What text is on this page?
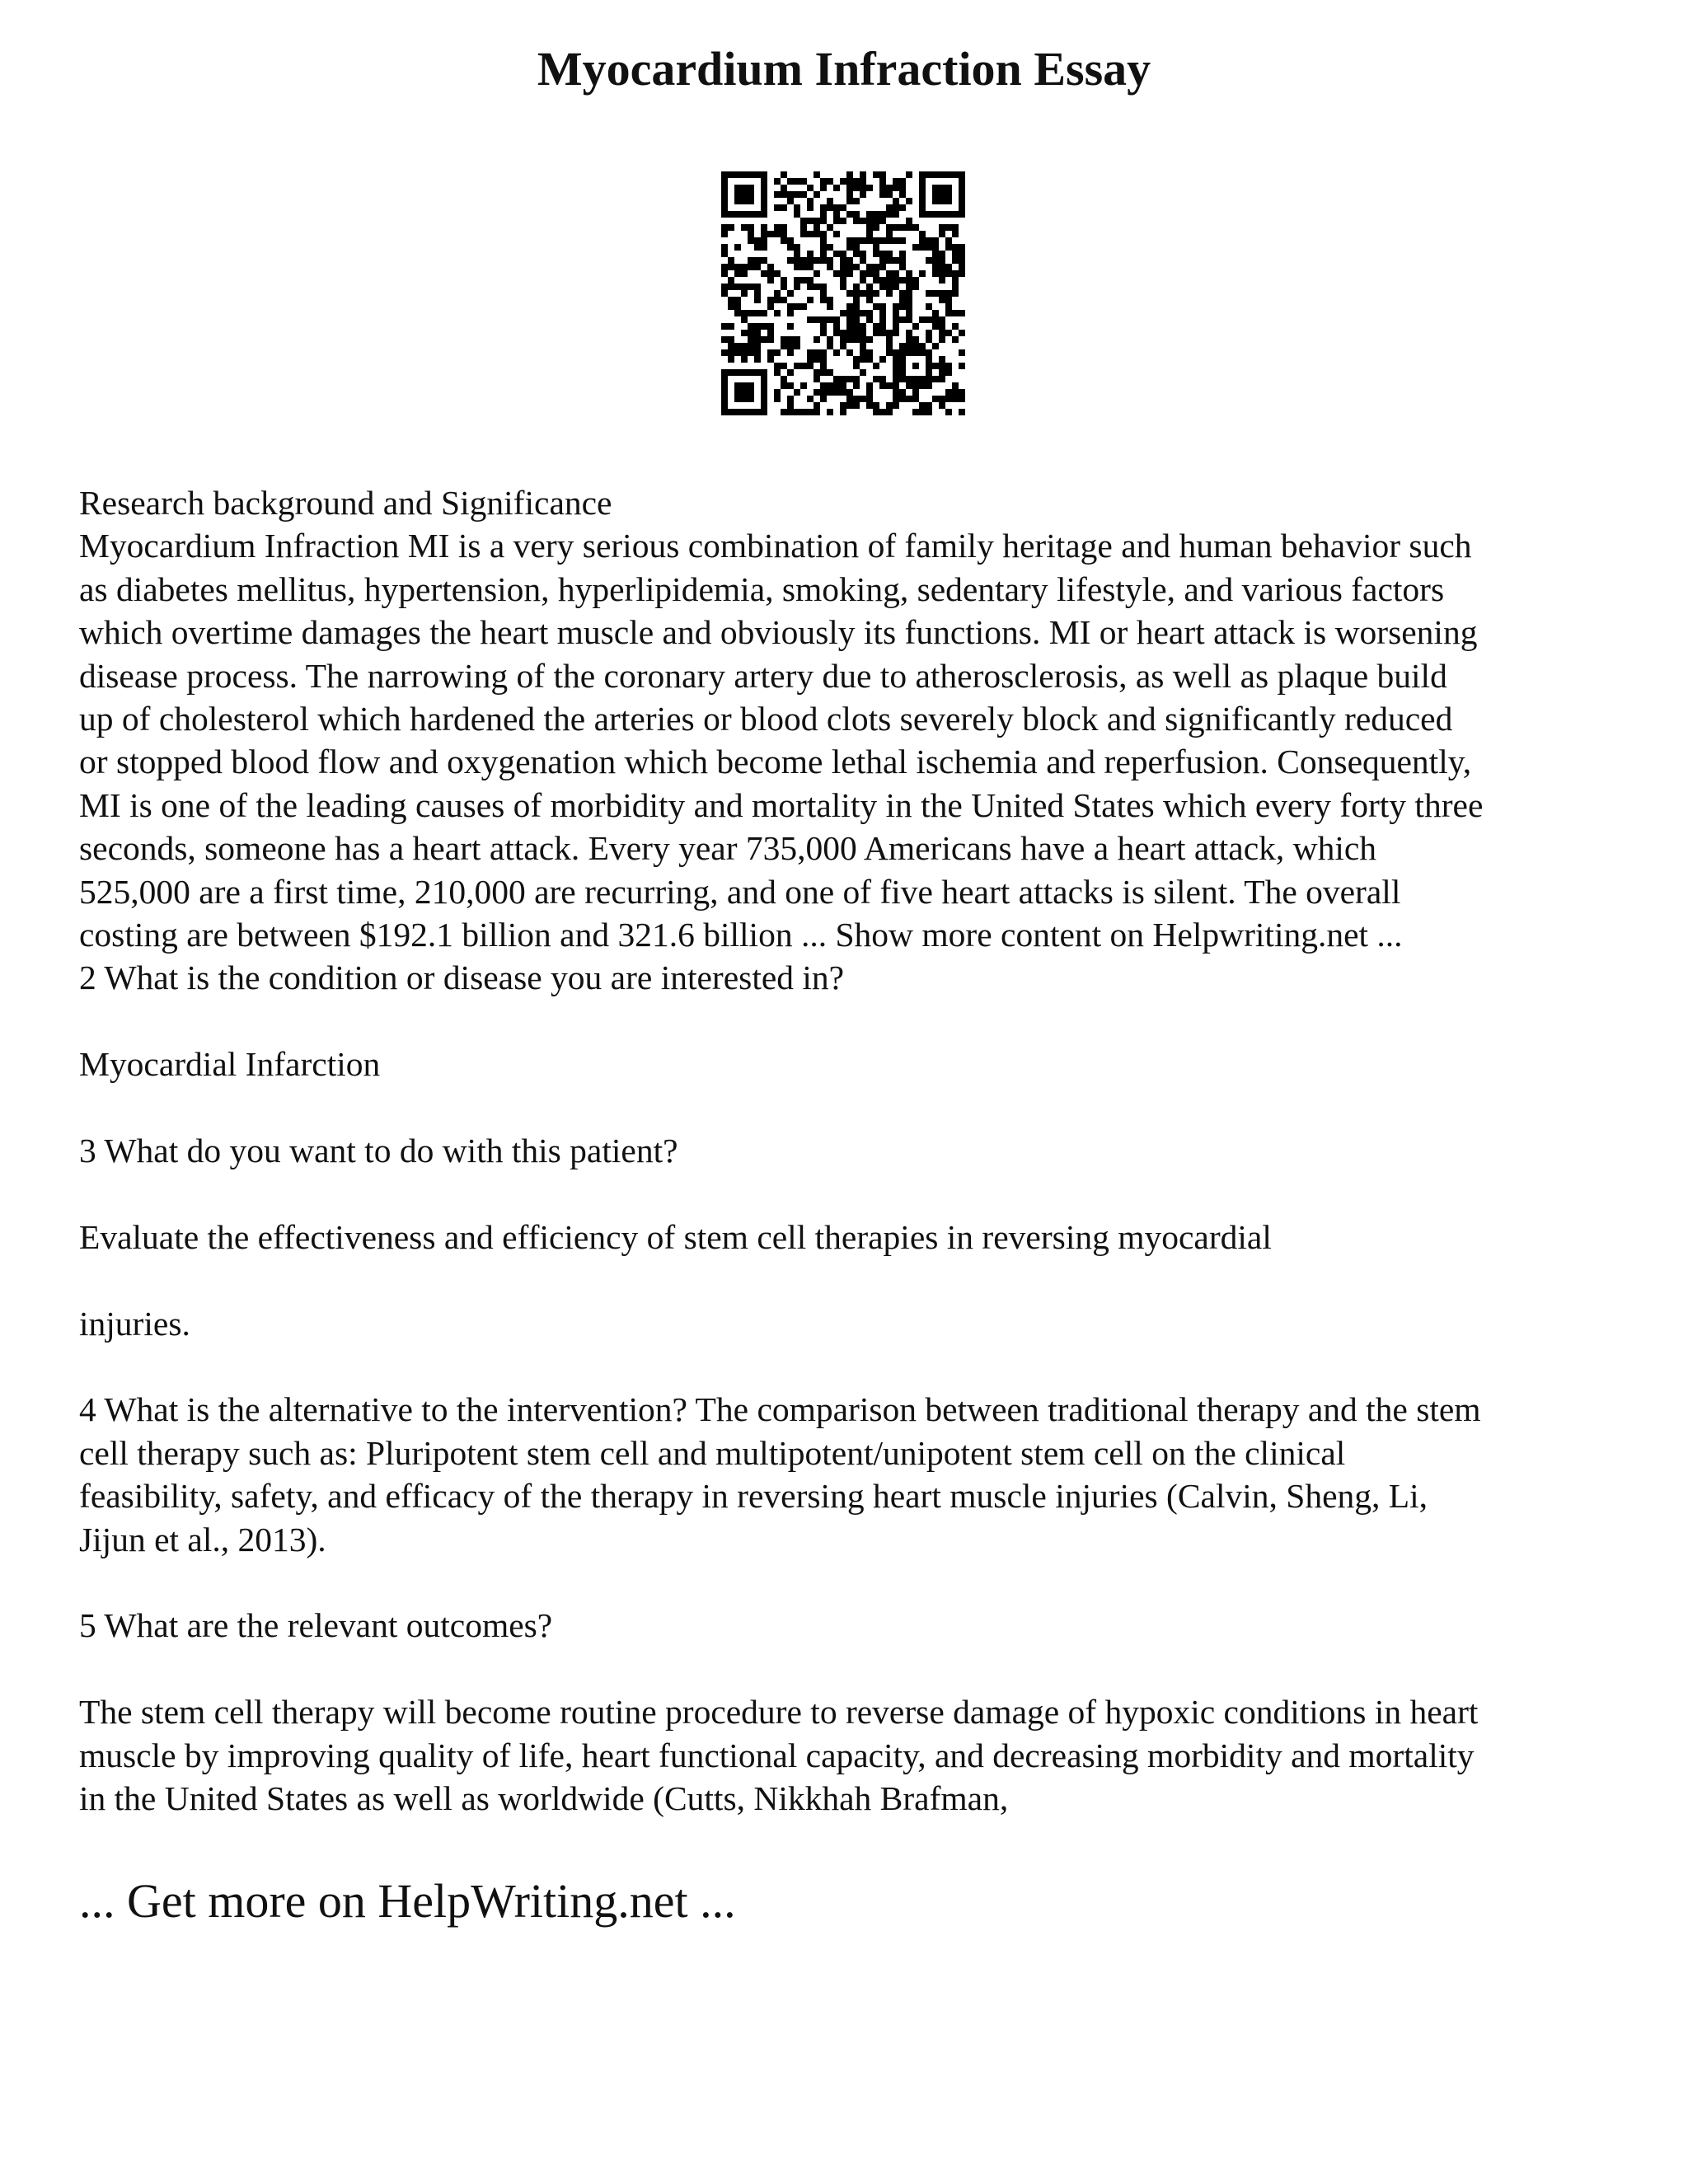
Myocardium Infraction Essay

Research background and Significance

Myocardium Infraction MI is a very serious combination of family heritage and human behavior such

as diabetes mellitus, hypertension, hyperlipidemia, smoking, sedentary lifestyle, and various factors

which overtime damages the heart muscle and obviously its functions. MI or heart attack is worsening

disease process. The narrowing of the coronary artery due to atherosclerosis, as well as plaque build

up of cholesterol which hardened the arteries or blood clots severely block and significantly reduced

or stopped blood flow and oxygenation which become lethal ischemia and reperfusion. Consequently,

MI is one of the leading causes of morbidity and mortality in the United States which every forty three

seconds, someone has a heart attack. Every year 735,000 Americans have a heart attack, which

525,000 are a first time, 210,000 are recurring, and one of five heart attacks is silent. The overall

costing are between $192.1 billion and 321.6 billion ... Show more content on Helpwriting.net ...

2 What is the condition or disease you are interested in?

Myocardial Infarction

3 What do you want to do with this patient?

Evaluate the effectiveness and efficiency of stem cell therapies in reversing myocardial

injuries.

4 What is the alternative to the intervention? The comparison between traditional therapy and the stem

cell therapy such as: Pluripotent stem cell and multipotent/unipotent stem cell on the clinical

feasibility, safety, and efficacy of the therapy in reversing heart muscle injuries (Calvin, Sheng, Li,

Jijun et al., 2013).

5 What are the relevant outcomes?

The stem cell therapy will become routine procedure to reverse damage of hypoxic conditions in heart

muscle by improving quality of life, heart functional capacity, and decreasing morbidity and mortality

in the United States as well as worldwide (Cutts, Nikkhah Brafman,

... Get more on HelpWriting.net ...
